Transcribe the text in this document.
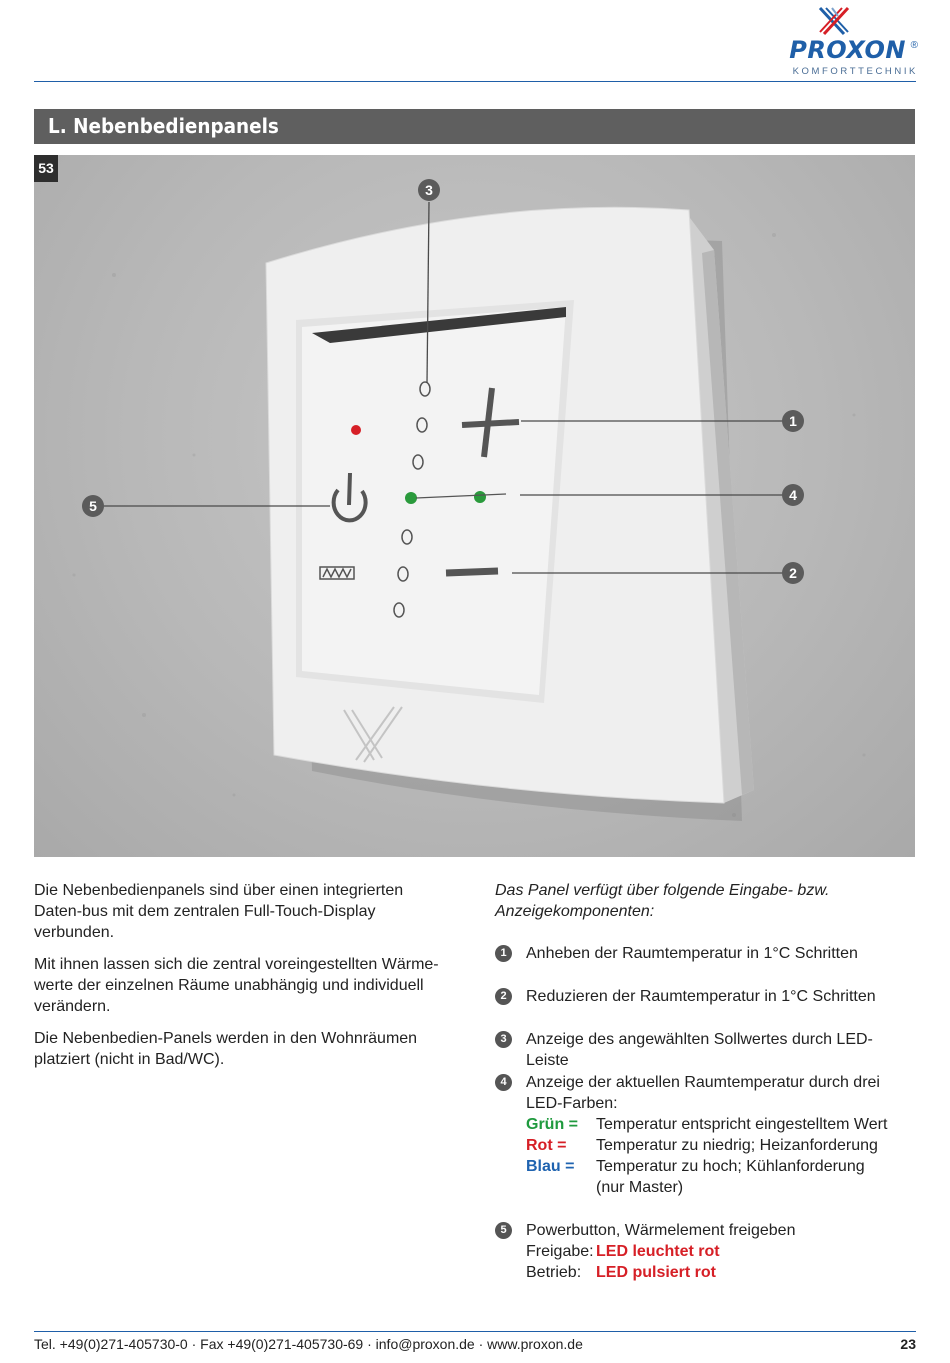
PROXON ®
KOMFORTTECHNIK
L. Nebenbedienpanels
53
3
1
4
2
5

Die Nebenbedienpanels sind über einen integrierten Daten-bus mit dem zentralen Full-Touch-Display verbunden.

Mit ihnen lassen sich die zentral voreingestellten Wärme-werte der einzelnen Räume unabhängig und individuell verändern.

Die Nebenbedien-Panels werden in den Wohnräumen platziert (nicht in Bad/WC).

Das Panel verfügt über folgende Eingabe- bzw. Anzeigekomponenten:

1	Anheben der Raumtemperatur in 1°C Schritten
2	Reduzieren der Raumtemperatur in 1°C Schritten
3	Anzeige des angewählten Sollwertes durch LED-Leiste
4	Anzeige der aktuellen Raumtemperatur durch drei LED-Farben:
Grün =	Temperatur entspricht eingestelltem Wert
Rot =	Temperatur zu niedrig; Heizanforderung
Blau =	Temperatur zu hoch; Kühlanforderung
(nur Master)
5	Powerbutton, Wärmelement freigeben
Freigabe: LED leuchtet rot
Betrieb: LED pulsiert rot
Tel. +49(0)271-405730-0 · Fax +49(0)271-405730-69 · info@proxon.de · www.proxon.de	23
